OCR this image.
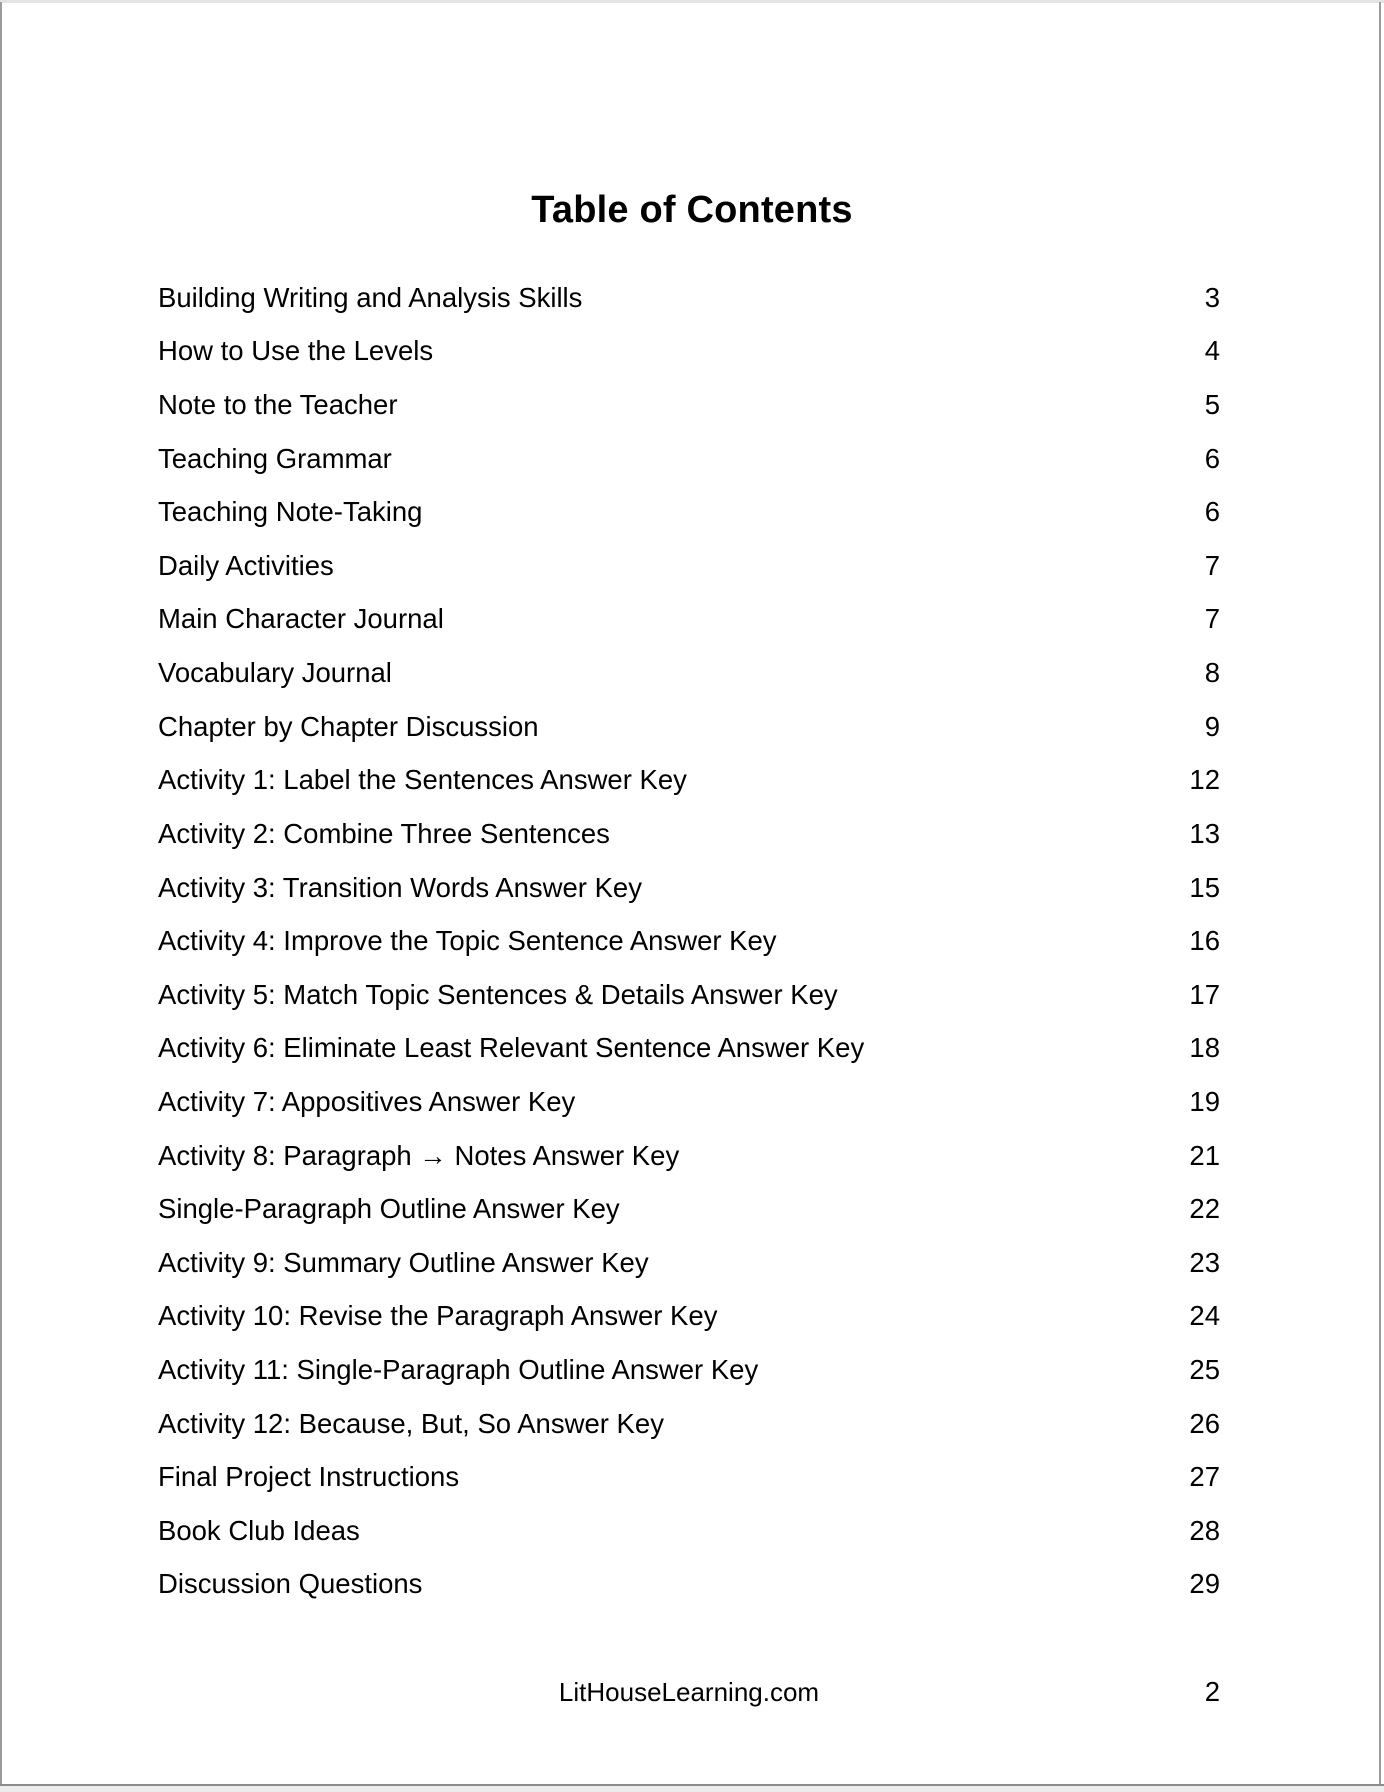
Table of Contents
Building Writing and Analysis Skills	3
How to Use the Levels	4
Note to the Teacher	5
Teaching Grammar	6
Teaching Note-Taking	6
Daily Activities	7
Main Character Journal	7
Vocabulary Journal	8
Chapter by Chapter Discussion	9
Activity 1: Label the Sentences Answer Key	12
Activity 2: Combine Three Sentences	13
Activity 3: Transition Words Answer Key	15
Activity 4: Improve the Topic Sentence Answer Key	16
Activity 5: Match Topic Sentences & Details Answer Key	17
Activity 6: Eliminate Least Relevant Sentence Answer Key	18
Activity 7: Appositives Answer Key	19
Activity 8: Paragraph → Notes Answer Key	21
Single-Paragraph Outline Answer Key	22
Activity 9: Summary Outline Answer Key	23
Activity 10: Revise the Paragraph Answer Key	24
Activity 11: Single-Paragraph Outline Answer Key	25
Activity 12: Because, But, So Answer Key	26
Final Project Instructions	27
Book Club Ideas	28
Discussion Questions	29
LitHouseLearning.com	2
